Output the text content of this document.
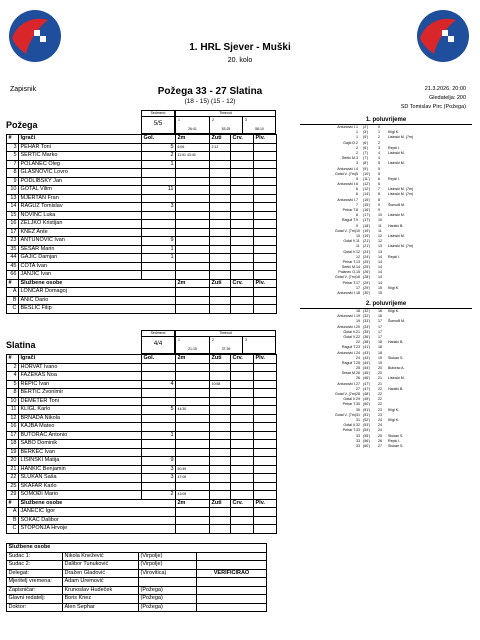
1. HRL Sjever - Muški
20. kolo
Zapisnik	Požega 33 - 27 Slatina
(18 - 15) (15 - 12)
21.3.2026. 20:00
Gledatelja: 200
SD Tomislav Pirc (Požega)
Požega
Sedmerci
5/5
Timeout
1
26:41
2
53:25
3
58:10
#	Igrači	Gol.	2m	Žuti	Crv.	Plv.
3	PEHAR Toni	5	6:06	2:12		
5	SERTIĆ Marko	2	11:51 43:40			
7	POLANEC Oleg	1				
8	GLASNOVIĆ Lovro					
9	PODLIBSKY Jan					
10	GOTAL Vilim	11				
13	MJERTAN Fran					
14	RAGUŽ Tomislav	3				
15	NOVINC Luka					
16	ZELJKO Kristijan					
17	KNEZ Ante					
23	ANTUNOVIĆ Ivan	9				
35	SESAR Marin	1				
44	GAJIĆ Damjan	1				
45	COTA Ivan					
66	JANJIĆ Ivan					
#	Službene osobe		2m	Žuti	Crv.	Plv.
A	LONČAR Domagoj					
B	ANIĆ Dario					
C	BEŠLIĆ Filip					
Slatina
Sedmerci
4/4
Timeout
1
21:15
2
37:39
3
#	Igrači	Gol.	2m	Žuti	Crv.	Plv.
2	HORVAT Ivano					
4	FAZEKAŠ Noa					
5	REPIĆ Ivan	4		10:58		
8	BERTIĆ Zvonimir					
10	DEMETER Toni					
11	KLIGL Karlo	5	44:30			
12	BRNADA Nikola					
16	KAJBA Mateo					
17	BUTORAC Antonio	1				
18	SABO Dominik					
19	BERKEC Ivan					
20	LISINSKI Matija	9				
21	HANKIĆ Benjamin	3	50:49			
22	SLUKAN Saša	3	47:06			
25	ŠKAFAR Karlo					
29	ŠOMOĐI Mario	2	43:05			
#	Službene osobe		2m	Žuti	Crv.	Plv.
A	JANEČIĆ Igor					
B	SOKAČ Dalibor					
C	STOPONJA Hrvoje					
1. poluvrijeme
Antunović I. 1 (2')	0
1 (3')	1 Kligl K.
1 (5')	2 Lisinski M. (7m)
Gajić D. 2 (6')	2
2 (6')	3 Repić I.
2 (7')	4 Lisinski M.
Sertić M. 3 (7')	4
3 (8')	5 Lisinski M.
Antunović I. 4 (9')	5
Gotal V. (7m) 5 (10') 5
5 (11') 6 Repić I.
Antunović I. 6 (12') 6
6 (12') 7 Lisinski M. (7m)
6 (14') 8 Lisinski M. (7m)
Antunović I. 7 (15') 8
7 (15') 9 Šomođi M.
Pehar T. 8 (16') 9
8 (17') 10 Lisinski M.
Raguž T. 9 (17') 10
9 (18') 11 Hankić B.
Gotal V. (7m) 10 (19') 11
10 (19') 12 Lisinski M.
Gotal V. 11 (21') 12
11 (21') 13 Lisinski M. (7m)
Gotal V. 12 (24') 13
12 (24') 14 Repić I.
Pehar T. 13 (25') 14
Sertić M. 14 (25') 14
Polanec O. 15 (26') 14
Gotal V. (7m) 16 (28') 14
Pehar T. 17 (29') 14
17 (29') 15 Kligl K.
Antunović I. 18 (30') 15
2. poluvrijeme
18 (32') 16 Kligl K.
Antunović I. 19 (32') 16
19 (33') 17 Šomođi M.
Antunović I. 20 (34') 17
Gotal V. 21 (35') 17
Gotal V. 22 (36') 17
22 (38') 18 Hankić B.
Raguž T. 23 (41') 18
Antunović I. 24 (43') 18
24 (43') 19 Slukan S.
Raguž T. 25 (44') 19
25 (44') 20 Butorac A.
Sesar M. 26 (45') 20
26 (46') 21 Lisinski M.
Antunović I. 27 (47') 21
27 (47') 22 Hankić B.
Gotal V. (7m) 28 (48') 22
Gotal V. 29 (49') 22
Pehar T. 30 (50') 22
30 (51') 23 Kligl K.
Gotal V. (7m) 31 (51') 23
31 (52') 24 Kligl K.
Gotal V. 32 (53') 24
Pehar T. 33 (54') 24
33 (55') 25 Slukan S.
33 (56') 26 Repić I.
33 (60') 27 Slukan S.
Službene osobe			
Sudac 1:	Nikola Knežević	(Virpolje)	
Sudac 2:	Dalibor Tunuković	(Virpolje)	
Delegat:	Dražen Gladović	(Virovitica)	VERIFICIRAO
Mjeritelj vremena:	Adam Uremović		
Zapisničar:	Krunoslav Hudeček	(Požega)	
Glavni redatelj:	Boris Knez	(Požega)	
Doktor:	Alen Šephar	(Požega)	
